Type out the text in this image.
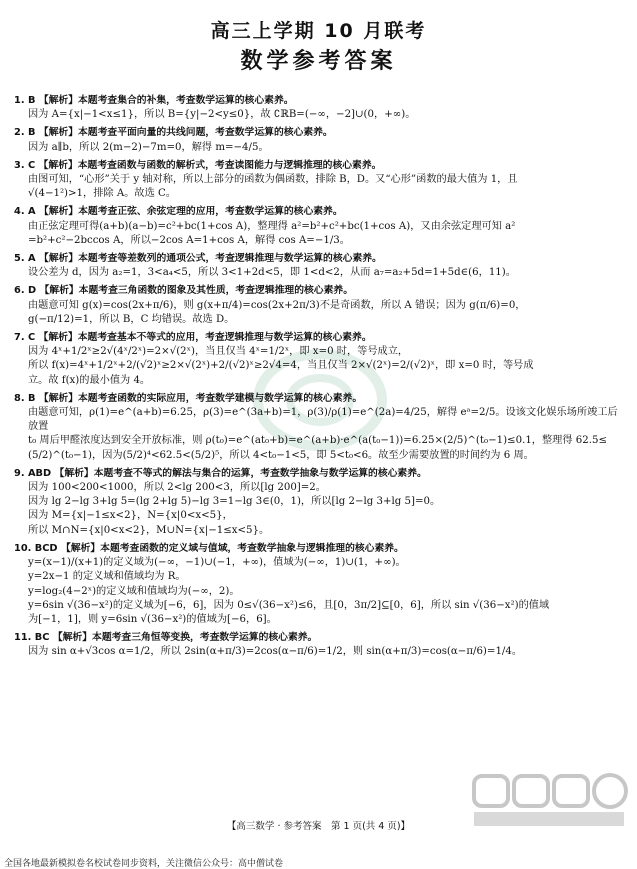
高三上学期 10 月联考
数学参考答案
1. B 【解析】本题考查集合的补集，考查数学运算的核心素养。
因为 A={x|−1<x≤1}，所以 B={y|−2<y≤0}，故 ∁ℝB=(−∞，−2]∪(0，+∞)。
2. B 【解析】本题考查平面向量的共线问题，考查数学运算的核心素养。
因为 a∥b，所以 2(m−2)−7m=0，解得 m=−4/5。
3. C 【解析】本题考查函数与函数的解析式，考查读图能力与逻辑推理的核心素养。
由图可知，“心形”关于 y 轴对称，所以上部分的函数为偶函数，排除 B，D。又“心形”函数的最大值为 1，且
√(4−1²)>1，排除 A。故选 C。
4. A 【解析】本题考查正弦、余弦定理的应用，考查数学运算的核心素养。
由正弦定理可得(a+b)(a−b)=c²+bc(1+cos A)，整理得 a²=b²+c²+bc(1+cos A)，又由余弦定理可知 a²
=b²+c²−2bccos A，所以−2cos A=1+cos A，解得 cos A=−1/3。
5. A 【解析】本题考查等差数列的通项公式，考查逻辑推理与数学运算的核心素养。
设公差为 d，因为 a₂=1，3<a₄<5，所以 3<1+2d<5，即 1<d<2，从而 a₇=a₂+5d=1+5d∈(6，11)。
6. D 【解析】本题考查三角函数的图象及其性质，考查逻辑推理的核心素养。
由题意可知 g(x)=cos(2x+π/6)，则 g(x+π/4)=cos(2x+2π/3)不是奇函数，所以 A 错误；因为 g(π/6)=0，
g(−π/12)=1，所以 B，C 均错误。故选 D。
7. C 【解析】本题考查基本不等式的应用，考查逻辑推理与数学运算的核心素养。
因为 4ˣ+1/2ˣ≥2√(4ˣ/2ˣ)=2×√(2ˣ)，当且仅当 4ˣ=1/2ˣ，即 x=0 时，等号成立，
所以 f(x)=4ˣ+1/2ˣ+2/(√2)ˣ≥2×√(2ˣ)+2/(√2)ˣ≥2√4=4，当且仅当 2×√(2ˣ)=2/(√2)ˣ，即 x=0 时，等号成
立。故 f(x)的最小值为 4。
8. B 【解析】本题考查函数的实际应用，考查数学建模与数学运算的核心素养。
由题意可知，ρ(1)=e^(a+b)=6.25，ρ(3)=e^(3a+b)=1，ρ(3)/ρ(1)=e^(2a)=4/25，解得 eᵃ=2/5。设该文化娱乐场所竣工后放置
t₀ 周后甲醛浓度达到安全开放标准，则 ρ(t₀)=e^(at₀+b)=e^(a+b)·e^(a(t₀−1))=6.25×(2/5)^(t₀−1)≤0.1，整理得 62.5≤
(5/2)^(t₀−1)，因为(5/2)⁴<62.5<(5/2)⁵，所以 4<t₀−1<5，即 5<t₀<6。故至少需要放置的时间约为 6 周。
9. ABD 【解析】本题考查不等式的解法与集合的运算，考查数学抽象与数学运算的核心素养。
因为 100<200<1000，所以 2<lg 200<3，所以[lg 200]=2。
因为 lg 2−lg 3+lg 5=(lg 2+lg 5)−lg 3=1−lg 3∈(0，1)，所以[lg 2−lg 3+lg 5]=0。
因为 M={x|−1≤x<2}，N={x|0<x<5}，
所以 M∩N={x|0<x<2}，M∪N={x|−1≤x<5}。
10. BCD 【解析】本题考查函数的定义域与值域，考查数学抽象与逻辑推理的核心素养。
y=(x−1)/(x+1)的定义域为(−∞，−1)∪(−1，+∞)，值域为(−∞，1)∪(1，+∞)。
y=2x−1 的定义域和值域均为 R。
y=log₂(4−2ˣ)的定义域和值域均为(−∞，2)。
y=6sin √(36−x²)的定义域为[−6，6]，因为 0≤√(36−x²)≤6，且[0，3π/2]⊆[0，6]，所以 sin √(36−x²)的值域
为[−1，1]，则 y=6sin √(36−x²)的值域为[−6，6]。
11. BC 【解析】本题考查三角恒等变换，考查数学运算的核心素养。
因为 sin α+√3cos α=1/2，所以 2sin(α+π/3)=2cos(α−π/6)=1/2，则 sin(α+π/3)=cos(α−π/6)=1/4。
【高三数学 · 参考答案　第 1 页(共 4 页)】
全国各地最新模拟卷名校试卷同步资料，关注微信公众号：高中僧试卷
